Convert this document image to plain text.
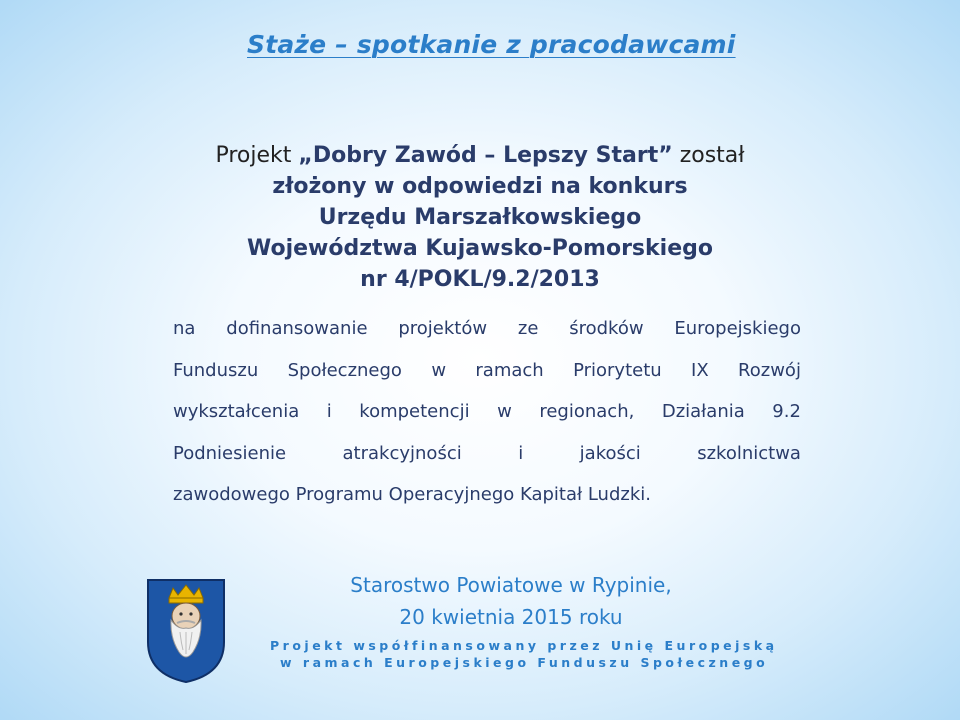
Staże – spotkanie z pracodawcami
Projekt „Dobry Zawód – Lepszy Start” został
złożony w odpowiedzi na konkurs
Urzędu Marszałkowskiego
Województwa Kujawsko-Pomorskiego
nr 4/POKL/9.2/2013
na dofinansowanie projektów ze środków Europejskiego
Funduszu Społecznego w ramach Priorytetu IX Rozwój
wykształcenia i kompetencji w regionach, Działania 9.2
Podniesienie	atrakcyjności	i	jakości	szkolnictwa
zawodowego Programu Operacyjnego Kapitał Ludzki.
Starostwo Powiatowe w Rypinie,
20 kwietnia 2015 roku
Projekt współfinansowany przez Unię Europejską
w ramach Europejskiego Funduszu Społecznego
